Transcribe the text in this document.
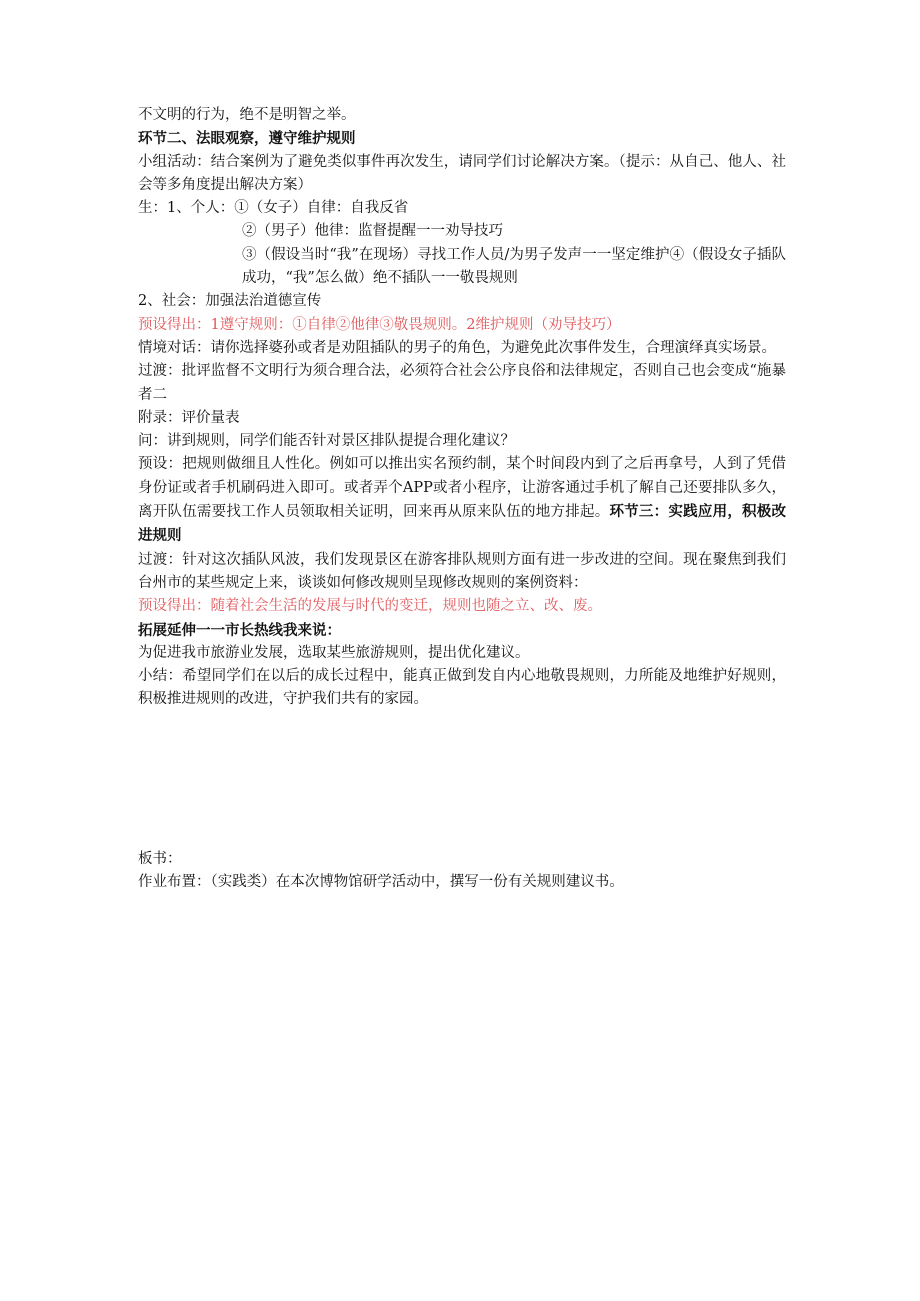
不文明的行为，绝不是明智之举。

环节二、法眼观察，遵守维护规则

小组活动：结合案例为了避免类似事件再次发生，请同学们讨论解决方案。（提示：从自己、他人、社会等多角度提出解决方案）

生：1、个人：①（女子）自律：自我反省

②（男子）他律：监督提醒一一劝导技巧

③（假设当时“我”在现场）寻找工作人员/为男子发声一一坚定维护④（假设女子插队成功，“我”怎么做）绝不插队一一敬畏规则

2、社会：加强法治道德宣传

预设得出：1遵守规则：①自律②他律③敬畏规则。2维护规则（劝导技巧）

情境对话：请你选择婆孙或者是劝阻插队的男子的角色，为避免此次事件发生，合理演绎真实场景。

过渡：批评监督不文明行为须合理合法，必须符合社会公序良俗和法律规定，否则自己也会变成“施暴者二

附录：评价量表

问：讲到规则，同学们能否针对景区排队提提合理化建议？

预设：把规则做细且人性化。例如可以推出实名预约制，某个时间段内到了之后再拿号，人到了凭借身份证或者手机刷码进入即可。或者弄个APP或者小程序，让游客通过手机了解自己还要排队多久，离开队伍需要找工作人员领取相关证明，回来再从原来队伍的地方排起。环节三：实践应用，积极改进规则

过渡：针对这次插队风波，我们发现景区在游客排队规则方面有进一步改进的空间。现在聚焦到我们台州市的某些规定上来，谈谈如何修改规则呈现修改规则的案例资料：

预设得出：随着社会生活的发展与时代的变迁，规则也随之立、改、废。

拓展延伸一一市长热线我来说：

为促进我市旅游业发展，选取某些旅游规则，提出优化建议。

小结：希望同学们在以后的成长过程中，能真正做到发自内心地敬畏规则，力所能及地维护好规则，积极推进规则的改进，守护我们共有的家园。

板书：

作业布置：（实践类）在本次博物馆研学活动中，撰写一份有关规则建议书。
